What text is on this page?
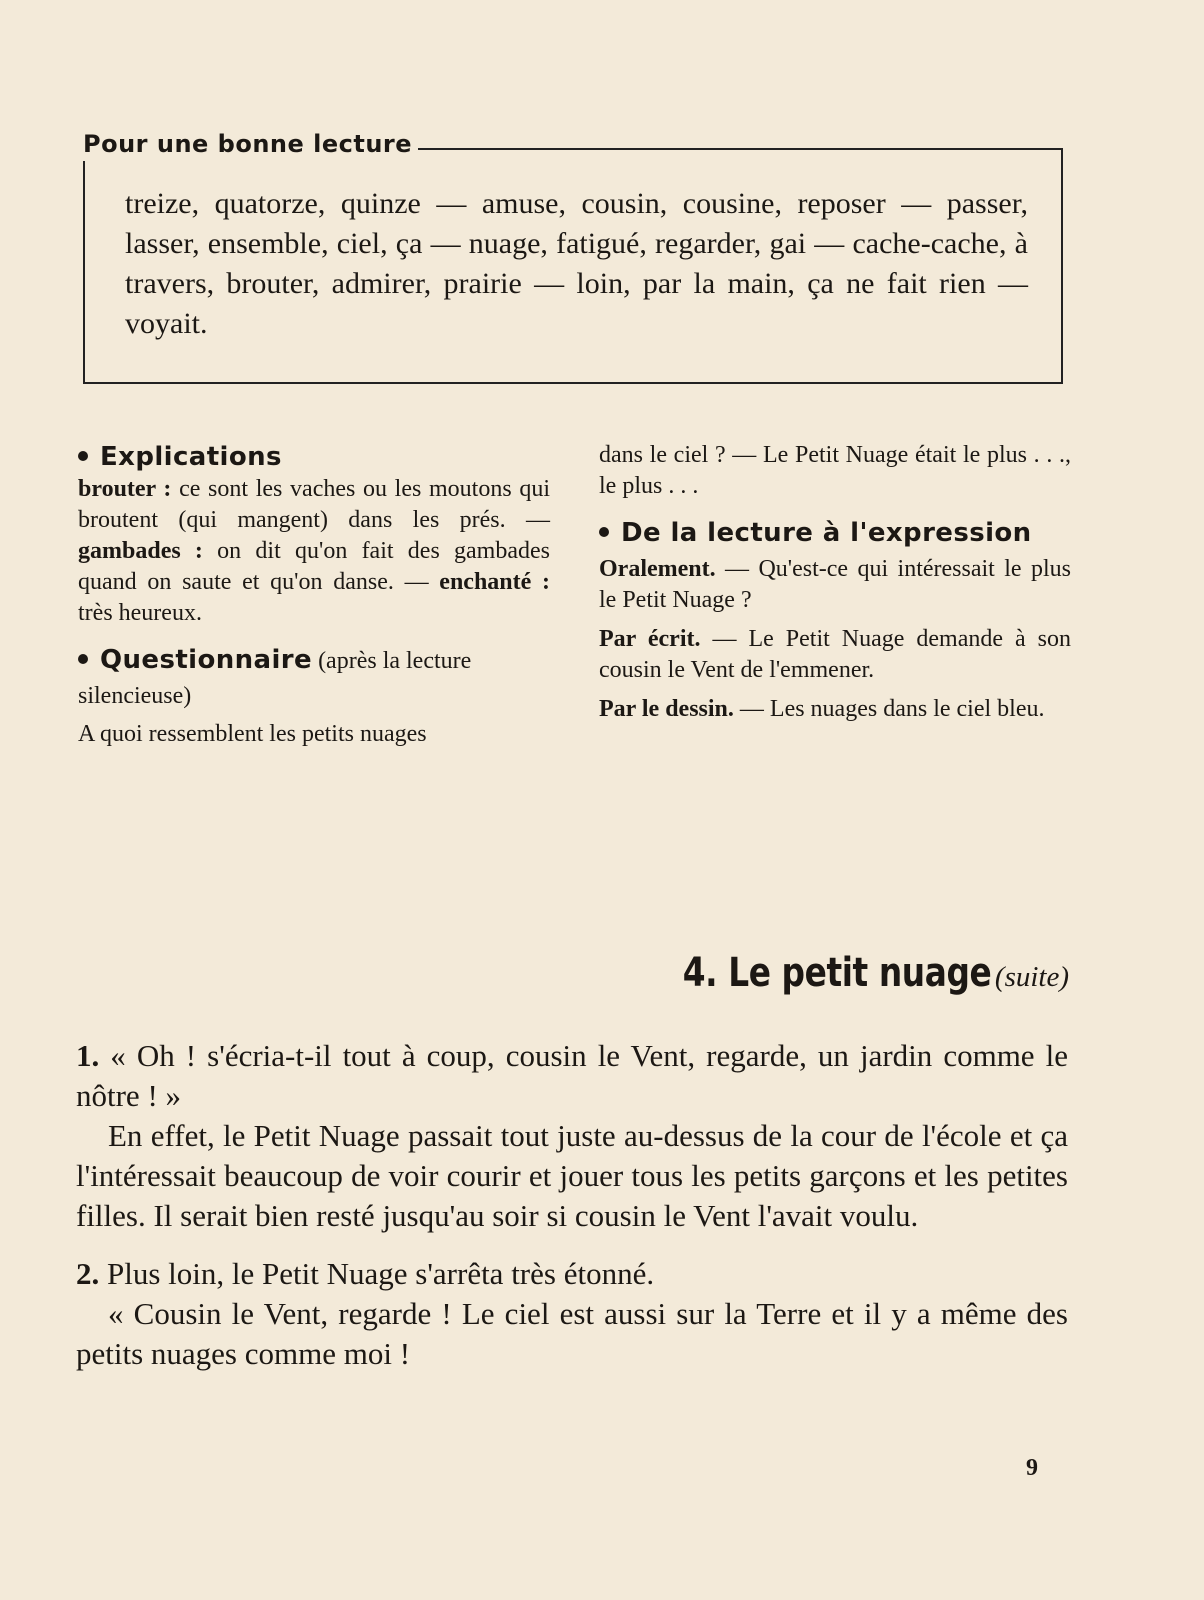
Pour une bonne lecture
treize, quatorze, quinze — amuse, cousin, cousine, reposer — passer, lasser, ensemble, ciel, ça — nuage, fatigué, regarder, gai — cache-cache, à travers, brouter, admirer, prairie — loin, par la main, ça ne fait rien — voyait.
Explications
brouter : ce sont les vaches ou les moutons qui broutent (qui mangent) dans les prés. — gambades : on dit qu'on fait des gambades quand on saute et qu'on danse. — enchanté : très heureux.
Questionnaire (après la lecture silencieuse)
A quoi ressemblent les petits nuages
dans le ciel ? — Le Petit Nuage était le plus . . ., le plus . . .
De la lecture à l'expression
Oralement. — Qu'est-ce qui intéressait le plus le Petit Nuage ?
Par écrit. — Le Petit Nuage demande à son cousin le Vent de l'emmener.
Par le dessin. — Les nuages dans le ciel bleu.
4. Le petit nuage (suite)

1. « Oh ! s'écria-t-il tout à coup, cousin le Vent, regarde, un jardin comme le nôtre ! »

En effet, le Petit Nuage passait tout juste au-dessus de la cour de l'école et ça l'intéressait beaucoup de voir courir et jouer tous les petits garçons et les petites filles. Il serait bien resté jusqu'au soir si cousin le Vent l'avait voulu.

2. Plus loin, le Petit Nuage s'arrêta très étonné.

« Cousin le Vent, regarde ! Le ciel est aussi sur la Terre et il y a même des petits nuages comme moi !

9
